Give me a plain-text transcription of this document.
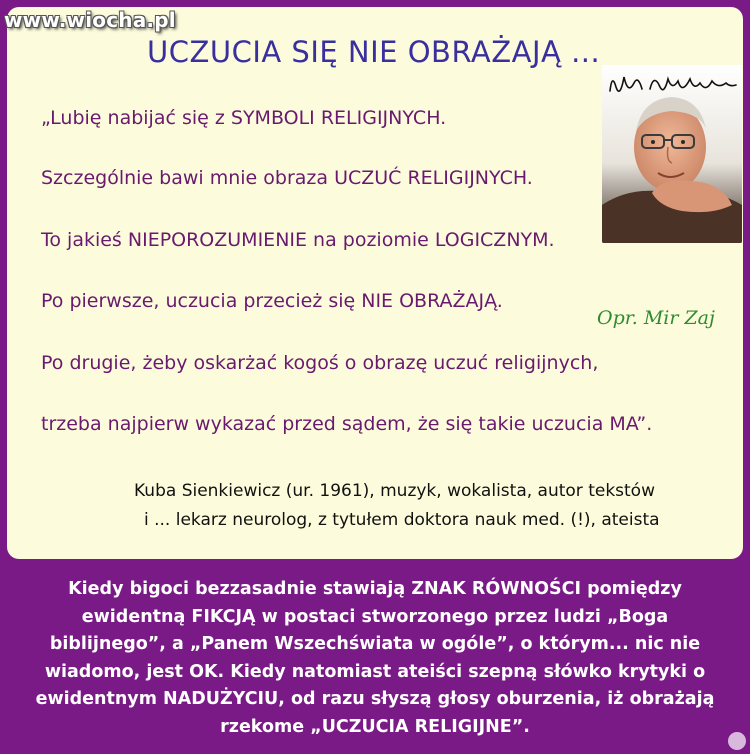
www.wiocha.pl
UCZUCIA SIĘ NIE OBRAŻAJĄ ...
„Lubię nabijać się z SYMBOLI RELIGIJNYCH.
Szczególnie bawi mnie obraza UCZUĆ RELIGIJNYCH.
To jakieś NIEPOROZUMIENIE na poziomie LOGICZNYM.
Po pierwsze, uczucia przecież się NIE OBRAŻAJĄ.
Po drugie, żeby oskarżać kogoś o obrazę uczuć religijnych,
trzeba najpierw wykazać przed sądem, że się takie uczucia MA”.
Opr. Mir Zaj
Kuba Sienkiewicz (ur. 1961), muzyk, wokalista, autor tekstów
i ... lekarz neurolog, z tytułem doktora nauk med. (!), ateista
Kiedy bigoci bezzasadnie stawiają ZNAK RÓWNOŚCI pomiędzy
ewidentną FIKCJĄ w postaci stworzonego przez ludzi „Boga
biblijnego”, a „Panem Wszechświata w ogóle”, o którym... nic nie
wiadomo, jest OK. Kiedy natomiast ateiści szepną słówko krytyki o
ewidentnym NADUŻYCIU, od razu słyszą głosy oburzenia, iż obrażają
rzekome „UCZUCIA RELIGIJNE”.
